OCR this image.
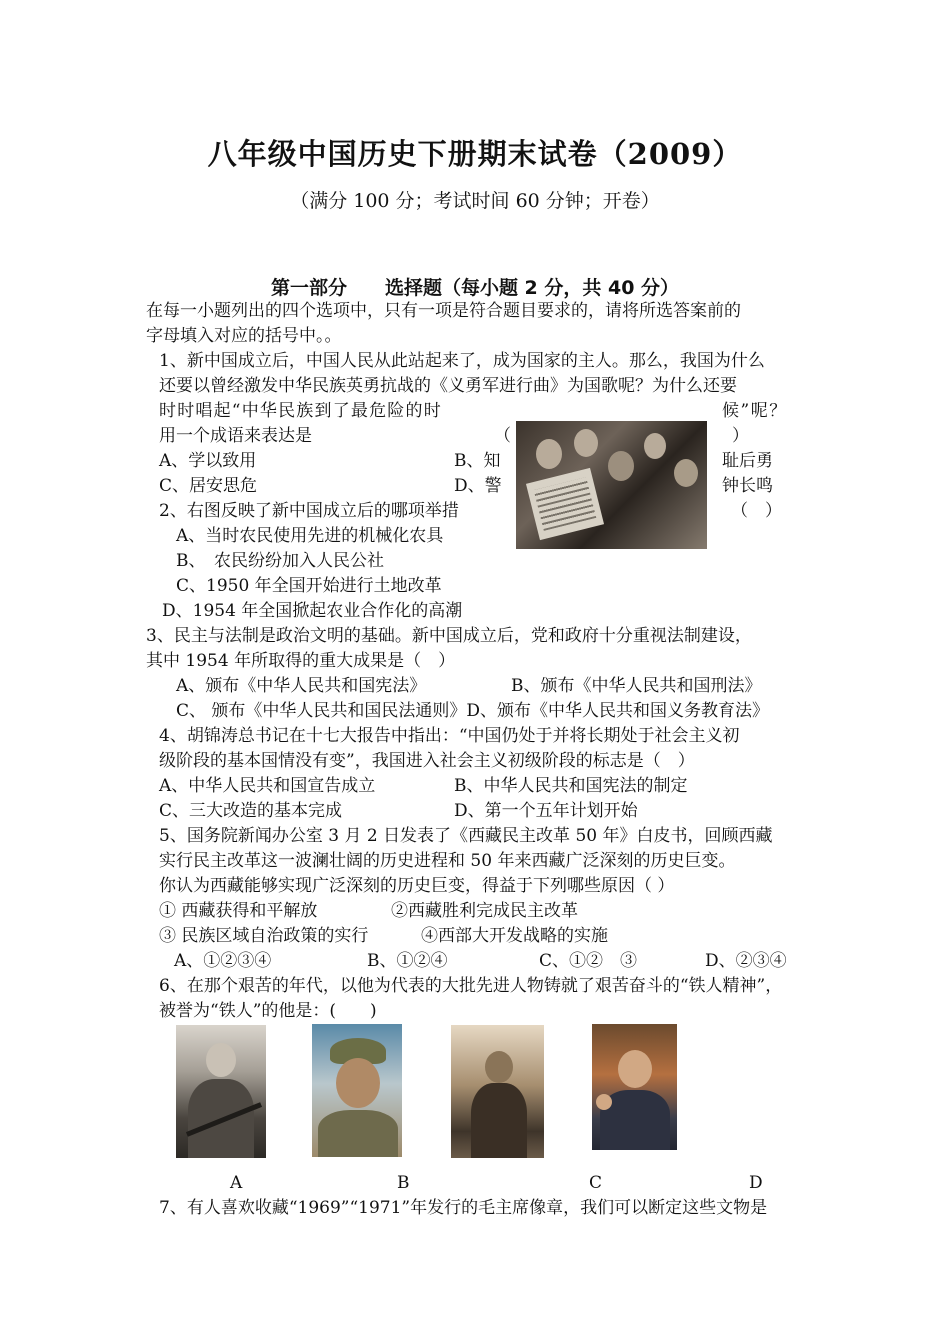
八年级中国历史下册期末试卷（2009）
（满分 100 分；考试时间 60 分钟；开卷）
第一部分　　选择题（每小题 2 分，共 40 分）
在每一小题列出的四个选项中，只有一项是符合题目要求的，请将所选答案前的
字母填入对应的括号中。。
1、新中国成立后，中国人民从此站起来了，成为国家的主人。那么，我国为什么
还要以曾经激发中华民族英勇抗战的《义勇军进行曲》为国歌呢？为什么还要
时时唱起“中华民族到了最危险的时	候”呢？
用一个成语来表达是	（	）
A、学以致用	B、知	耻后勇
C、居安思危	D、警	钟长鸣
2、右图反映了新中国成立后的哪项举措	（　）
A、当时农民使用先进的机械化农具
B、　农民纷纷加入人民公社
C、1950 年全国开始进行土地改革
D、1954 年全国掀起农业合作化的高潮
3、民主与法制是政治文明的基础。新中国成立后，党和政府十分重视法制建设，
其中 1954 年所取得的重大成果是（　）
A、颁布《中华人民共和国宪法》	B、颁布《中华人民共和国刑法》
C、 颁布《中华人民共和国民法通则》D、颁布《中华人民共和国义务教育法》
4、胡锦涛总书记在十七大报告中指出：“中国仍处于并将长期处于社会主义初
级阶段的基本国情没有变”，我国进入社会主义初级阶段的标志是（　）
A、中华人民共和国宣告成立	B、中华人民共和国宪法的制定
C、三大改造的基本完成	D、第一个五年计划开始
5、国务院新闻办公室 3 月 2 日发表了《西藏民主改革 50 年》白皮书，回顾西藏
实行民主改革这一波澜壮阔的历史进程和 50 年来西藏广泛深刻的历史巨变。
你认为西藏能够实现广泛深刻的历史巨变，得益于下列哪些原因（ ）
① 西藏获得和平解放	②西藏胜利完成民主改革
③ 民族区域自治政策的实行	④西部大开发战略的实施
A、①②③④	B、①②④	C、①②　③	D、②③④
6、在那个艰苦的年代，以他为代表的大批先进人物铸就了艰苦奋斗的“铁人精神”，
被誉为“铁人”的他是：(　　)
A	B	C	D
7、有人喜欢收藏“1969”“1971”年发行的毛主席像章，我们可以断定这些文物是
